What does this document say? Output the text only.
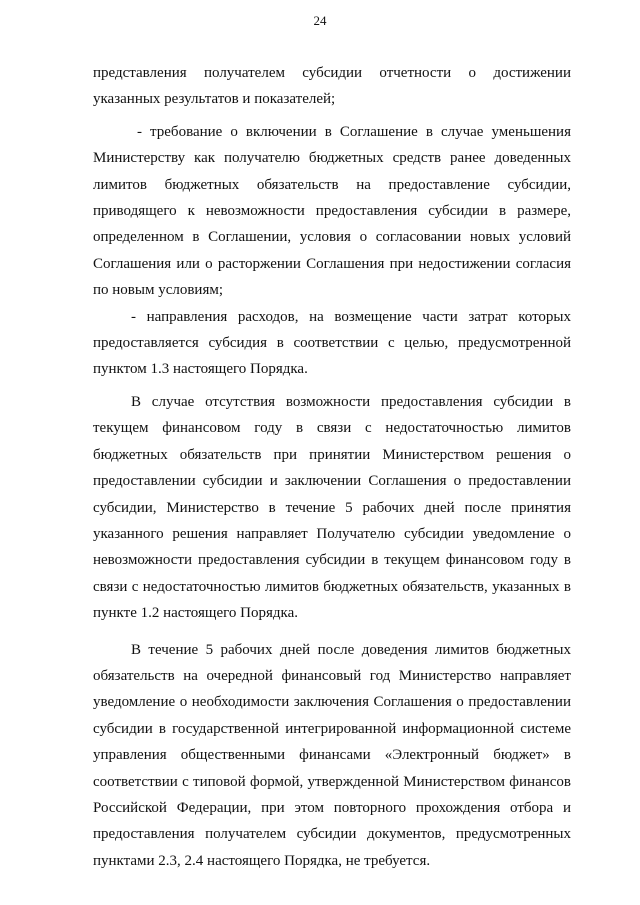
24

представления получателем субсидии отчетности о достижении указанных результатов и показателей;

- требование о включении в Соглашение в случае уменьшения Министерству как получателю бюджетных средств ранее доведенных лимитов бюджетных обязательств на предоставление субсидии, приводящего к невозможности предоставления субсидии в размере, определенном в Соглашении, условия о согласовании новых условий Соглашения или о расторжении Соглашения при недостижении согласия по новым условиям;

- направления расходов, на возмещение части затрат которых предоставляется субсидия в соответствии с целью, предусмотренной пунктом 1.3 настоящего Порядка.

В случае отсутствия возможности предоставления субсидии в текущем финансовом году в связи с недостаточностью лимитов бюджетных обязательств при принятии Министерством решения о предоставлении субсидии и заключении Соглашения о предоставлении субсидии, Министерство в течение 5 рабочих дней после принятия указанного решения направляет Получателю субсидии уведомление о невозможности предоставления субсидии в текущем финансовом году в связи с недостаточностью лимитов бюджетных обязательств, указанных в пункте 1.2 настоящего Порядка.

В течение 5 рабочих дней после доведения лимитов бюджетных обязательств на очередной финансовый год Министерство направляет уведомление о необходимости заключения Соглашения о предоставлении субсидии в государственной интегрированной информационной системе управления общественными финансами «Электронный бюджет» в соответствии с типовой формой, утвержденной Министерством финансов Российской Федерации, при этом повторного прохождения отбора и предоставления получателем субсидии документов, предусмотренных пунктами 2.3, 2.4 настоящего Порядка, не требуется.
